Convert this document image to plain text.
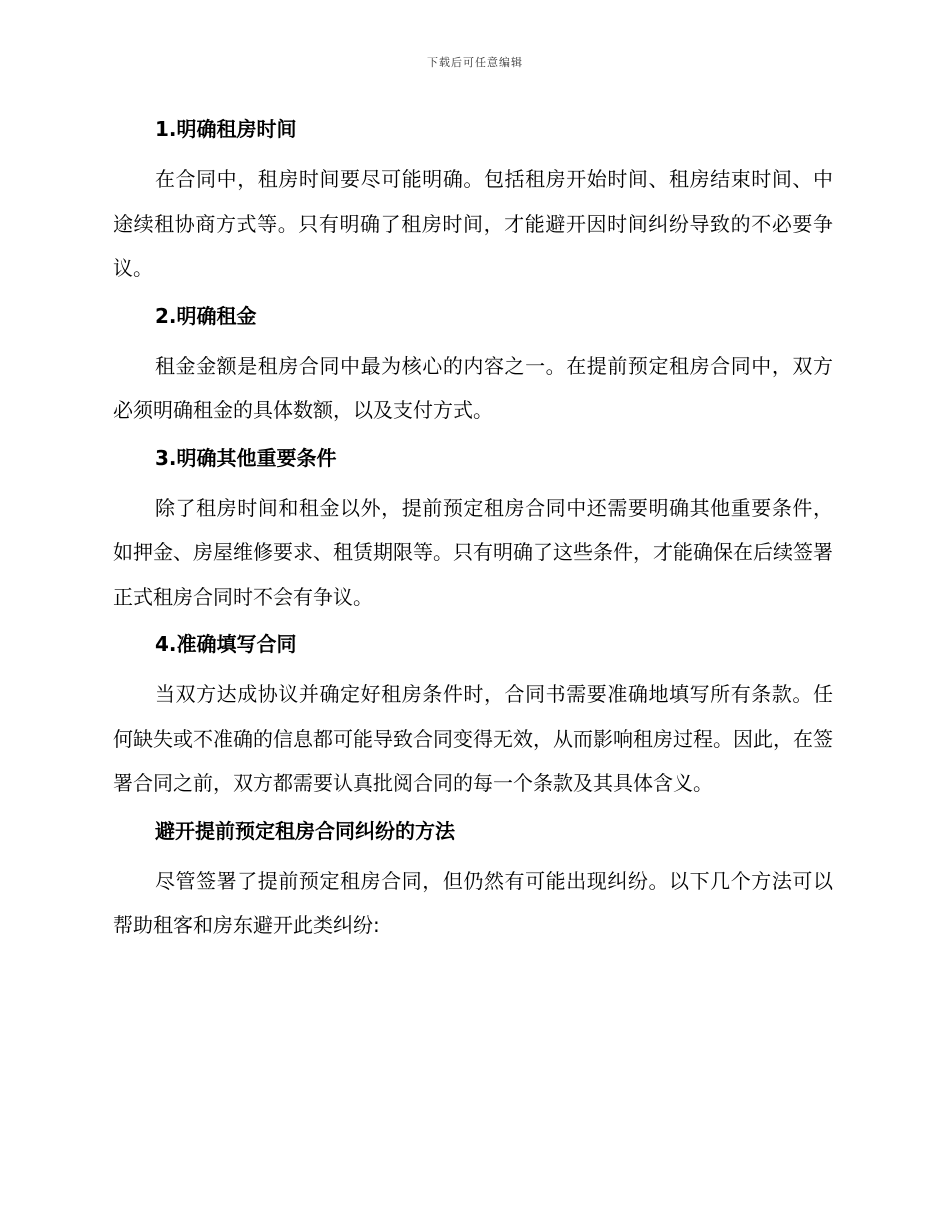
下载后可任意编辑
1.明确租房时间

在合同中，租房时间要尽可能明确。包括租房开始时间、租房结束时间、中途续租协商方式等。只有明确了租房时间，才能避开因时间纠纷导致的不必要争议。

2.明确租金

租金金额是租房合同中最为核心的内容之一。在提前预定租房合同中，双方必须明确租金的具体数额，以及支付方式。

3.明确其他重要条件

除了租房时间和租金以外，提前预定租房合同中还需要明确其他重要条件，如押金、房屋维修要求、租赁期限等。只有明确了这些条件，才能确保在后续签署正式租房合同时不会有争议。

4.准确填写合同

当双方达成协议并确定好租房条件时，合同书需要准确地填写所有条款。任何缺失或不准确的信息都可能导致合同变得无效，从而影响租房过程。因此，在签署合同之前，双方都需要认真批阅合同的每一个条款及其具体含义。

避开提前预定租房合同纠纷的方法

尽管签署了提前预定租房合同，但仍然有可能出现纠纷。以下几个方法可以帮助租客和房东避开此类纠纷:
